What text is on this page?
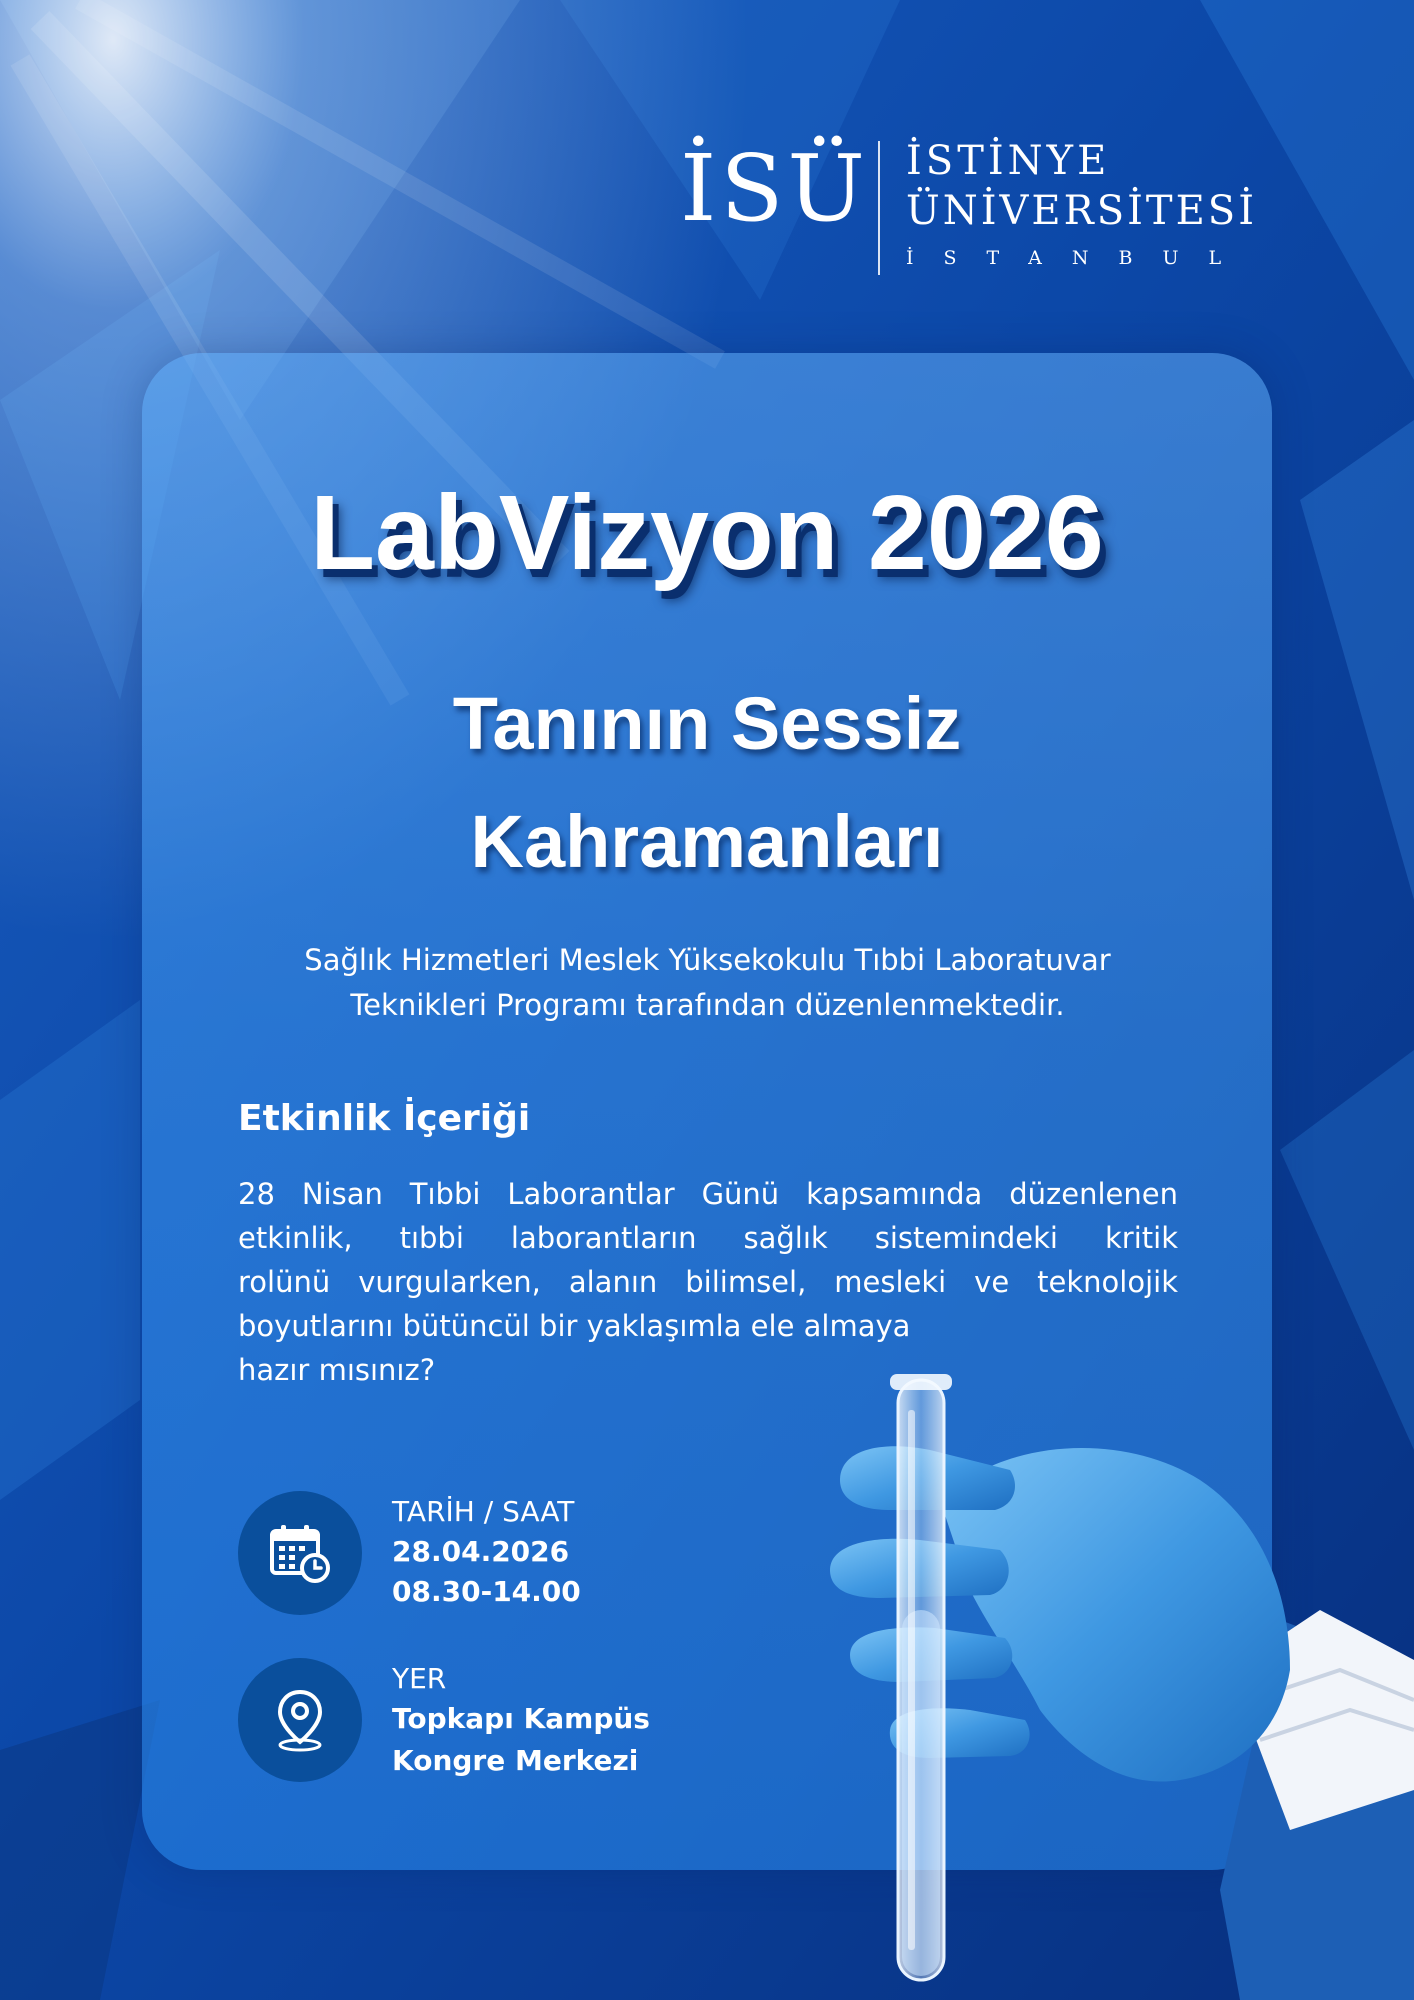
İSÜ İSTİNYE
ÜNİVERSİTESİ
İSTANBUL
LabVizyon 2026
Tanının Sessiz
Kahramanları
Sağlık Hizmetleri Meslek Yüksekokulu Tıbbi Laboratuvar
Teknikleri Programı tarafından düzenlenmektedir.
Etkinlik İçeriği
28 Nisan Tıbbi Laborantlar Günü kapsamında düzenlenen
etkinlik, tıbbi laborantların sağlık sistemindeki kritik
rolünü vurgularken, alanın bilimsel, mesleki ve teknolojik
boyutlarını bütüncül bir yaklaşımla ele almaya
hazır mısınız?
TARİH / SAAT
28.04.2026
08.30-14.00
YER
Topkapı Kampüs
Kongre Merkezi
